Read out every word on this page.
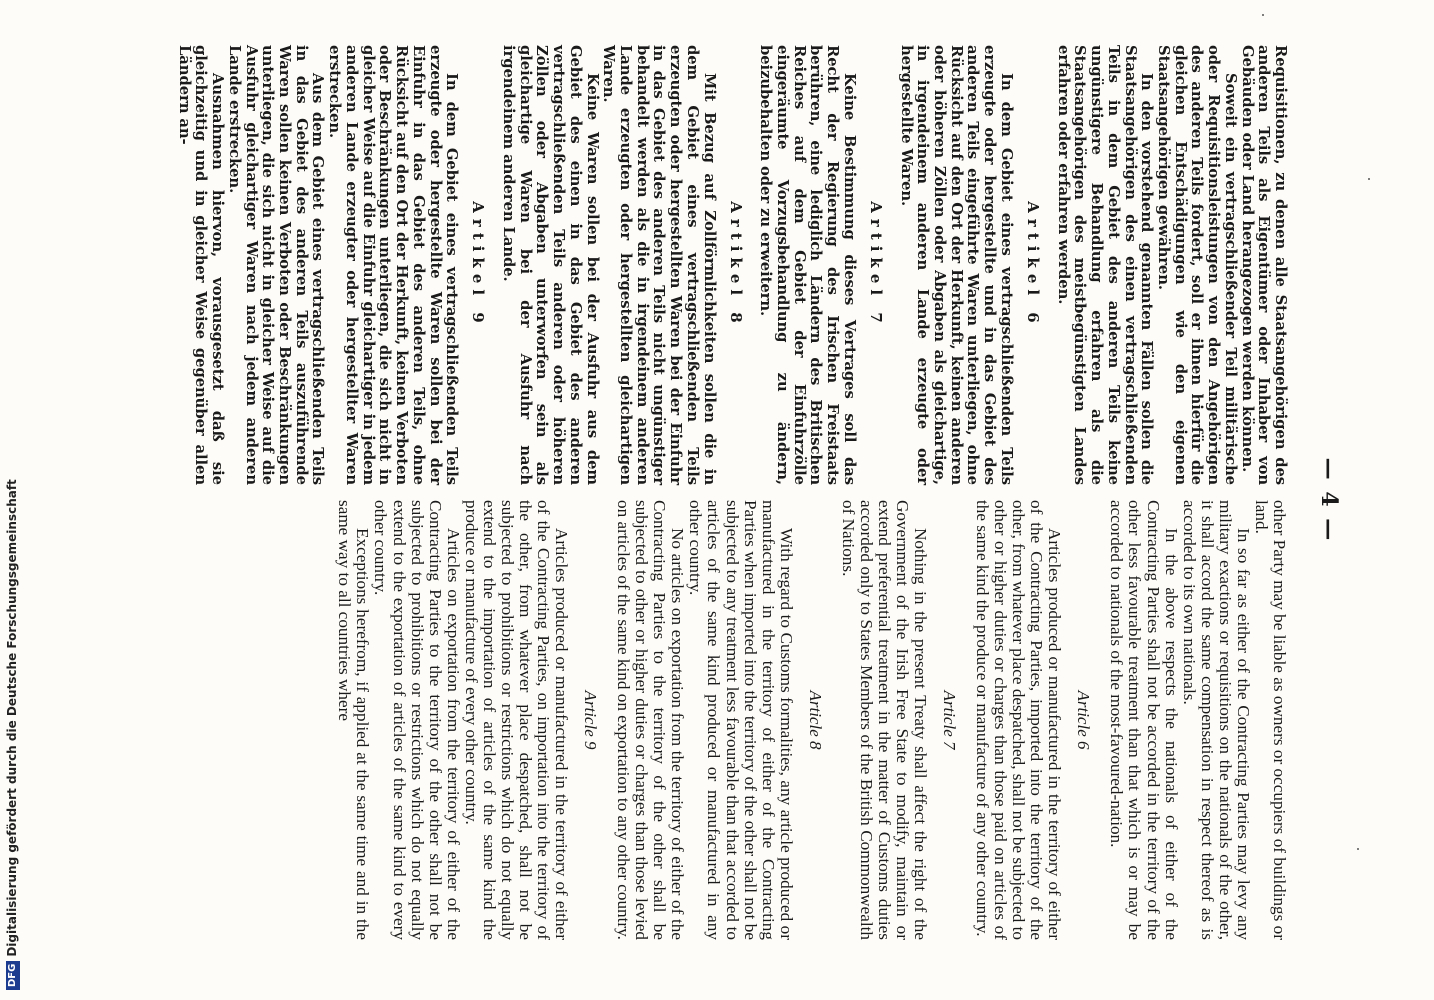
— 4 —

other Party may be liable as owners or occupiers of buildings or land.

In so far as either of the Contracting Parties may levy any military exactions or requisitions on the nationals of the other, it shall accord the same compensation in respect thereof as is accorded to its own nationals.

In the above respects the nationals of either of the Contracting Parties shall not be accorded in the territory of the other less favourable treatment than that which is or may be accorded to nationals of the most-favoured-nation.

Article 6

Articles produced or manufactured in the territory of either of the Contracting Parties, imported into the territory of the other, from whatever place despatched, shall not be subjected to other or higher duties or charges than those paid on articles of the same kind the produce or manufacture of any other country.

Article 7

Nothing in the present Treaty shall affect the right of the Government of the Irish Free State to modify, maintain or extend preferential treatment in the matter of Customs duties accorded only to States Members of the British Commonwealth of Nations.

Article 8

With regard to Customs formalities, any article produced or manufactured in the territory of either of the Contracting Parties when imported into the territory of the other shall not be subjected to any treatment less favourable than that accorded to articles of the same kind produced or manufactured in any other country.

No articles on exportation from the territory of either of the Contracting Parties to the territory of the other shall be subjected to other or higher duties or charges than those levied on articles of the same kind on exportation to any other country.

Article 9

Articles produced or manufactured in the territory of either of the Contracting Parties, on importation into the territory of the other, from whatever place despatched, shall not be subjected to prohibitions or restrictions which do not equally extend to the importation of articles of the same kind the produce or manufacture of every other country.

Articles on exportation from the territory of either of the Contracting Parties to the territory of the other shall not be subjected to prohibitions or restrictions which do not equally extend to the exportation of articles of the same kind to every other country.

Exceptions herefrom, if applied at the same time and in the same way to all countries where

Requisitionen, zu denen alle Staatsangehörigen des anderen Teils als Eigentümer oder Inhaber von Gebäuden oder Land herangezogen werden können.

Soweit ein vertragschließender Teil militärische oder Requisitionsleistungen von den Angehörigen des anderen Teils fordert, soll er ihnen hierfür die gleichen Entschädigungen wie den eigenen Staatsangehörigen gewähren.

In den vorstehend genannten Fällen sollen die Staatsangehörigen des einen vertragschließenden Teils in dem Gebiet des anderen Teils keine ungünstigere Behandlung erfahren als die Staatsangehörigen des meistbegünstigten Landes erfahren oder erfahren werden.

Artikel 6

In dem Gebiet eines vertragschließenden Teils erzeugte oder hergestellte und in das Gebiet des anderen Teils eingeführte Waren unterliegen, ohne Rücksicht auf den Ort der Herkunft, keinen anderen oder höheren Zöllen oder Abgaben als gleichartige, in irgendeinem anderen Lande erzeugte oder hergestellte Waren.

Artikel 7

Keine Bestimmung dieses Vertrages soll das Recht der Regierung des Irischen Freistaats berühren, eine lediglich Ländern des Britischen Reiches auf dem Gebiet der Einfuhrzölle eingeräumte Vorzugsbehandlung zu ändern, beizubehalten oder zu erweitern.

Artikel 8

Mit Bezug auf Zollförmlichkeiten sollen die in dem Gebiet eines vertragschließenden Teils erzeugten oder hergestellten Waren bei der Einfuhr in das Gebiet des anderen Teils nicht ungünstiger behandelt werden als die in irgendeinem anderen Lande erzeugten oder hergestellten gleichartigen Waren.

Keine Waren sollen bei der Ausfuhr aus dem Gebiet des einen in das Gebiet des anderen vertragschließenden Teils anderen oder höheren Zöllen oder Abgaben unterworfen sein als gleichartige Waren bei der Ausfuhr nach irgendeinem anderen Lande.

Artikel 9

In dem Gebiet eines vertragschließenden Teils erzeugte oder hergestellte Waren sollen bei der Einfuhr in das Gebiet des anderen Teils, ohne Rücksicht auf den Ort der Herkunft, keinen Verboten oder Beschränkungen unterliegen, die sich nicht in gleicher Weise auf die Einfuhr gleichartiger in jedem anderen Lande erzeugter oder hergestellter Waren erstrecken.

Aus dem Gebiet eines vertragschließenden Teils in das Gebiet des anderen Teils auszuführende Waren sollen keinen Verboten oder Beschränkungen unterliegen, die sich nicht in gleicher Weise auf die Ausfuhr gleichartiger Waren nach jedem anderen Lande erstrecken.

Ausnahmen hiervon, vorausgesetzt daß sie gleichzeitig und in gleicher Weise gegenüber allen Ländern an-

DFGDigitalisierung gefördert durch die Deutsche Forschungsgemeinschaft
